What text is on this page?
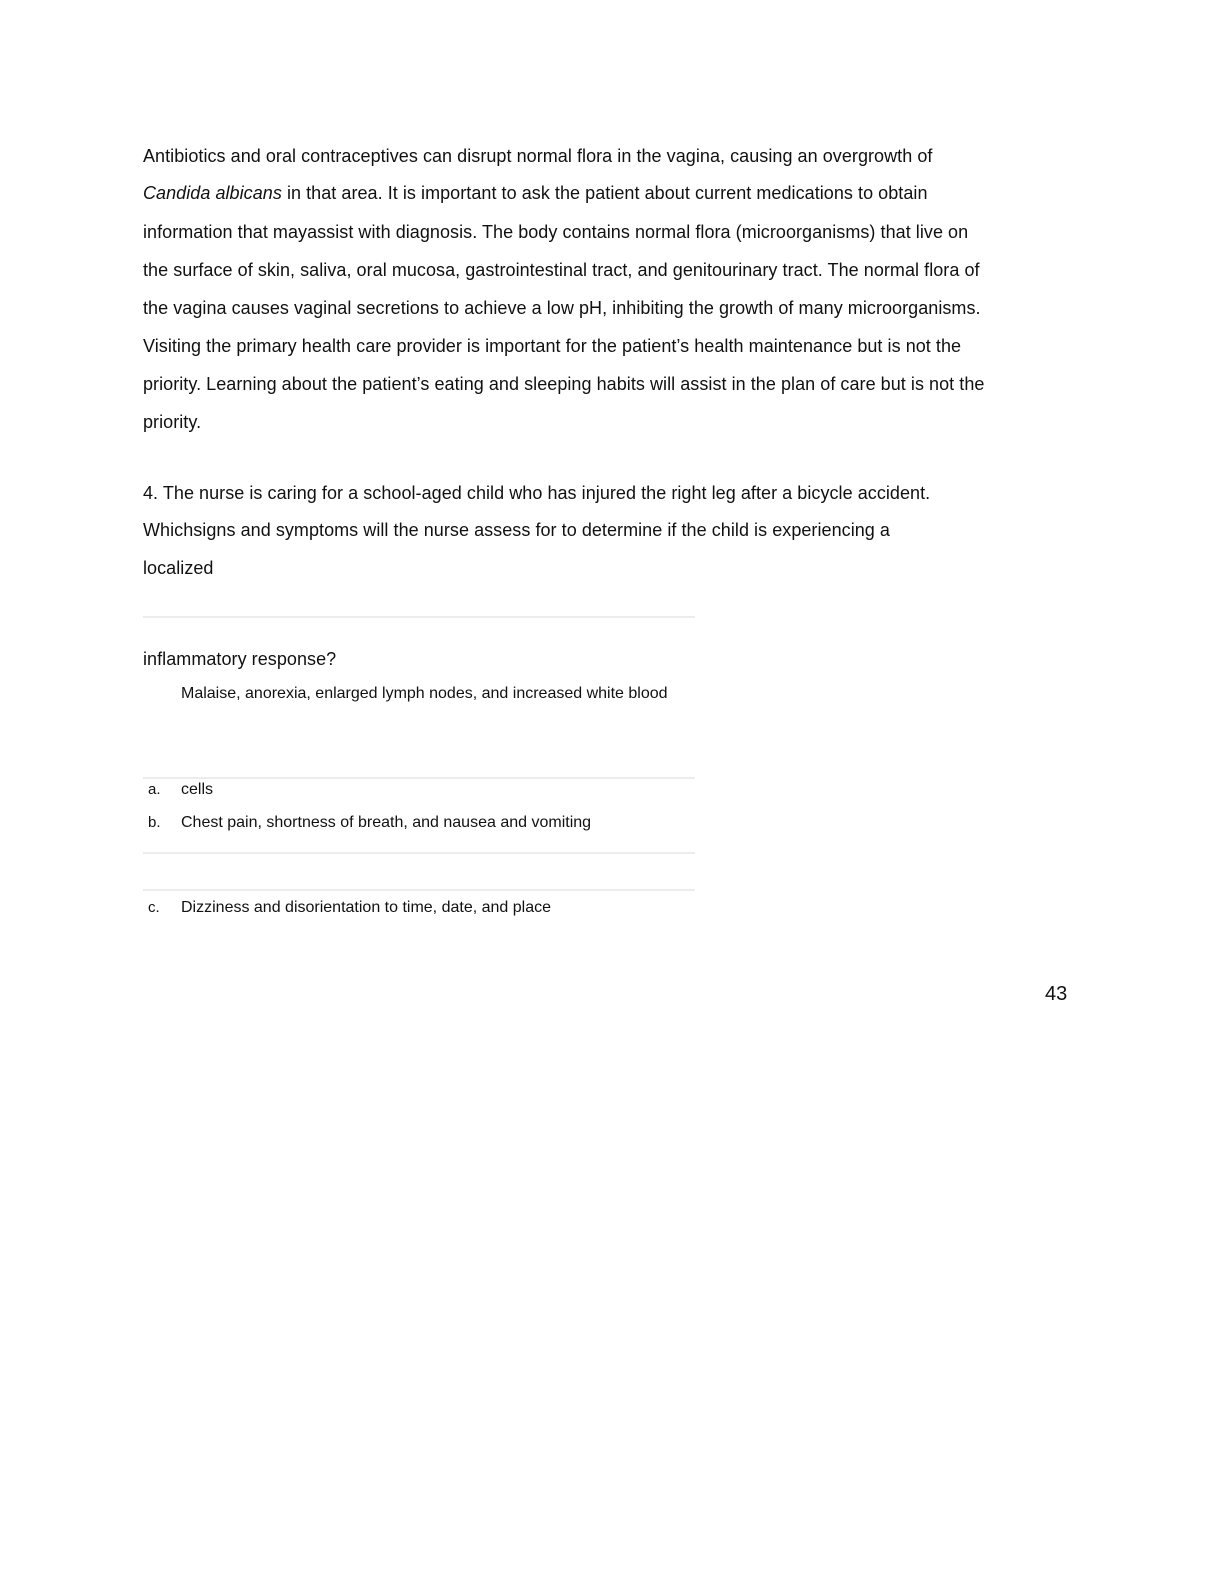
Antibiotics and oral contraceptives can disrupt normal flora in the vagina, causing an overgrowth of
Candida albicans in that area. It is important to ask the patient about current medications to obtain
information that mayassist with diagnosis. The body contains normal flora (microorganisms) that live on
the surface of skin, saliva, oral mucosa, gastrointestinal tract, and genitourinary tract. The normal flora of
the vagina causes vaginal secretions to achieve a low pH, inhibiting the growth of many microorganisms.
Visiting the primary health care provider is important for the patient’s health maintenance but is not the
priority. Learning about the patient’s eating and sleeping habits will assist in the plan of care but is not the
priority.
4. The nurse is caring for a school-aged child who has injured the right leg after a bicycle accident.
Whichsigns and symptoms will the nurse assess for to determine if the child is experiencing a
localized
inflammatory response?
Malaise, anorexia, enlarged lymph nodes, and increased white blood
a. cells
b. Chest pain, shortness of breath, and nausea and vomiting
c. Dizziness and disorientation to time, date, and place
43
